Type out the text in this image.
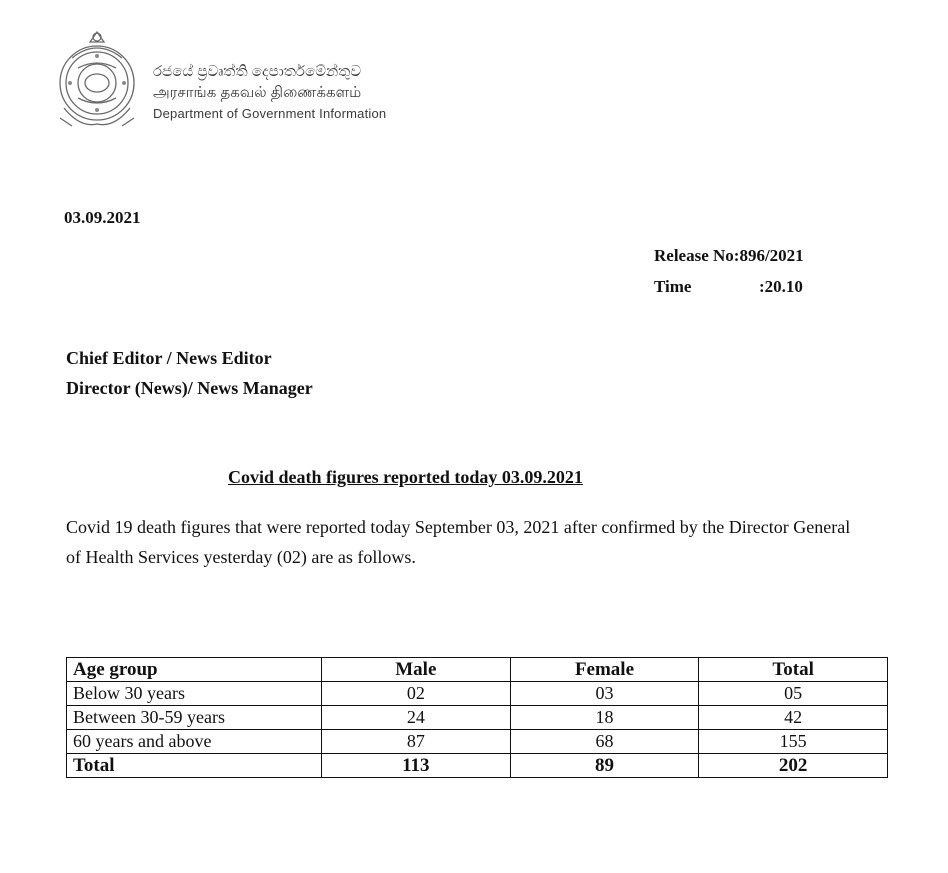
රජයේ ප්‍රවෘත්ති දෙපාර්තමේන්තුව
அரசாங்க தகவல் திணைக்களம்
Department of Government Information
03.09.2021
Release No:896/2021
Time	:20.10
Chief Editor / News Editor
Director (News)/ News Manager
Covid death figures reported today 03.09.2021
Covid 19 death figures that were reported today September 03, 2021 after confirmed by the Director General of Health Services yesterday (02) are as follows.
Age group	Male	Female	Total
Below 30 years	02	03	05
Between 30-59 years	24	18	42
60 years and above	87	68	155
Total	113	89	202
